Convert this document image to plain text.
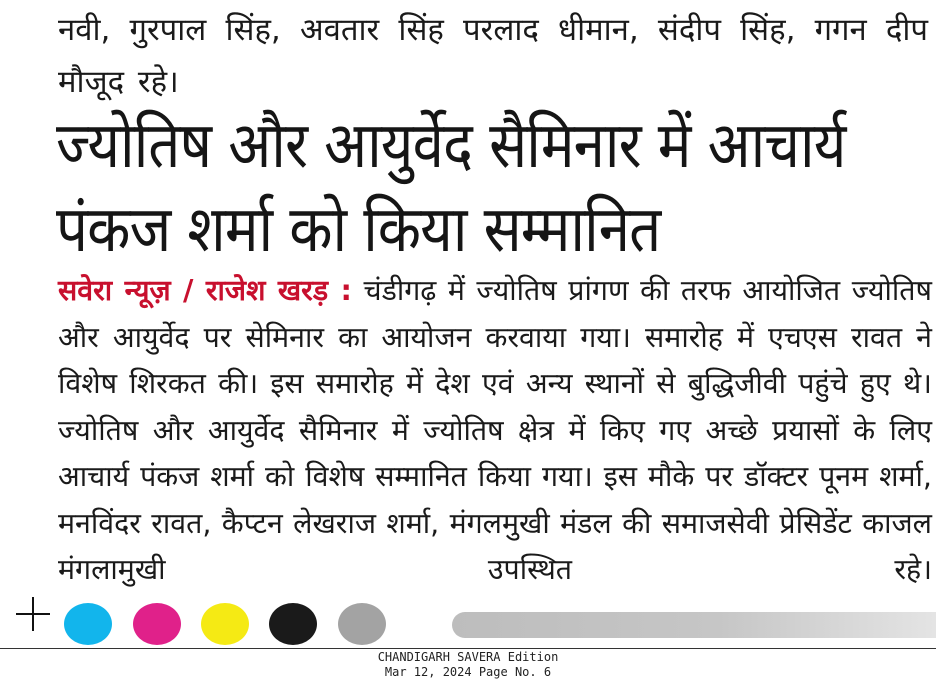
नवी, गुरपाल सिंह, अवतार सिंह परलाद धीमान, संदीप सिंह, गगन दीप मौजूद रहे।
ज्योतिष और आयुर्वेद सैमिनार में आचार्य
पंकज शर्मा को किया सम्मानित

सवेरा न्यूज़ / राजेश खरड़ : चंडीगढ़ में ज्योतिष प्रांगण की तरफ आयोजित ज्योतिष और आयुर्वेद पर सेमिनार का आयोजन करवाया गया। समारोह में एचएस रावत ने विशेष शिरकत की। इस समारोह में देश एवं अन्य स्थानों से बुद्धिजीवी पहुंचे हुए थे। ज्योतिष और आयुर्वेद सैमिनार में ज्योतिष क्षेत्र में किए गए अच्छे प्रयासों के लिए आचार्य पंकज शर्मा को विशेष सम्मानित किया गया। इस मौके पर डॉक्टर पूनम शर्मा, मनविंदर रावत, कैप्टन लेखराज शर्मा, मंगलमुखी मंडल की समाजसेवी प्रेसिडेंट काजल मंगलामुखी उपस्थित रहे।

CHANDIGARH SAVERA Edition
Mar 12, 2024 Page No. 6
